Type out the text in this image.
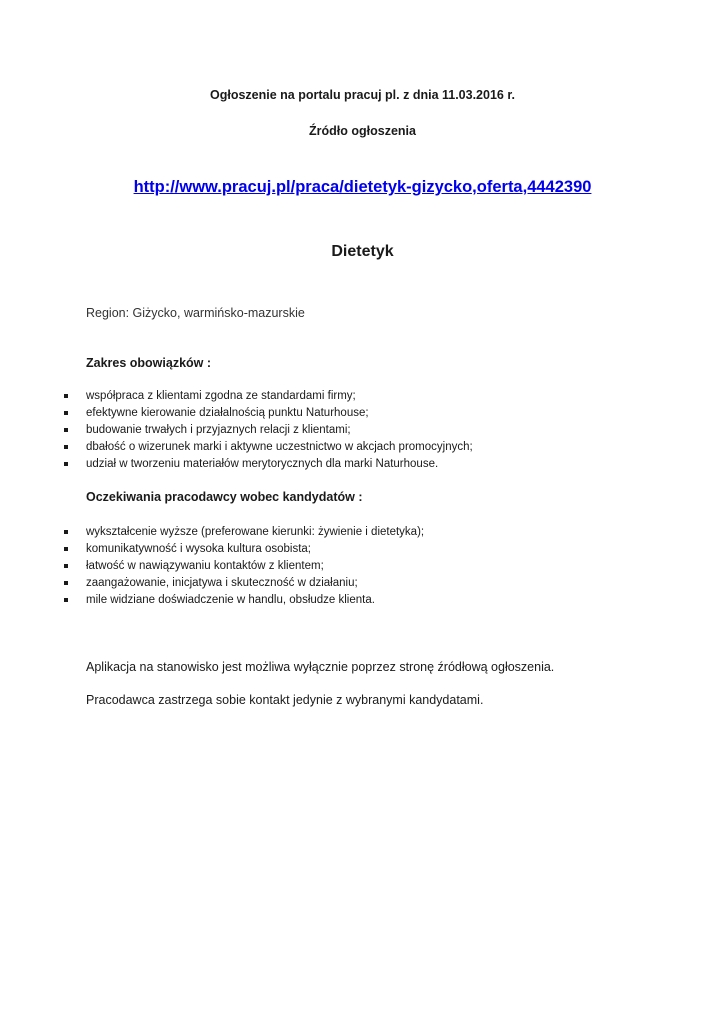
Ogłoszenie na portalu pracuj pl. z dnia 11.03.2016 r.
Źródło ogłoszenia
http://www.pracuj.pl/praca/dietetyk-gizycko,oferta,4442390
Dietetyk
Region: Giżycko, warmińsko-mazurskie
Zakres obowiązków :
współpraca z klientami zgodna ze standardami firmy;
efektywne kierowanie działalnością punktu Naturhouse;
budowanie trwałych i przyjaznych relacji z klientami;
dbałość o wizerunek marki i aktywne uczestnictwo w akcjach promocyjnych;
udział w tworzeniu materiałów merytorycznych dla marki Naturhouse.
Oczekiwania pracodawcy wobec kandydatów :
wykształcenie wyższe (preferowane kierunki: żywienie i dietetyka);
komunikatywność i wysoka kultura osobista;
łatwość w nawiązywaniu kontaktów z klientem;
zaangażowanie, inicjatywa i skuteczność w działaniu;
mile widziane doświadczenie w handlu, obsłudze klienta.
Aplikacja na stanowisko jest możliwa wyłącznie poprzez stronę źródłową ogłoszenia.
Pracodawca zastrzega sobie kontakt jedynie z wybranymi kandydatami.
